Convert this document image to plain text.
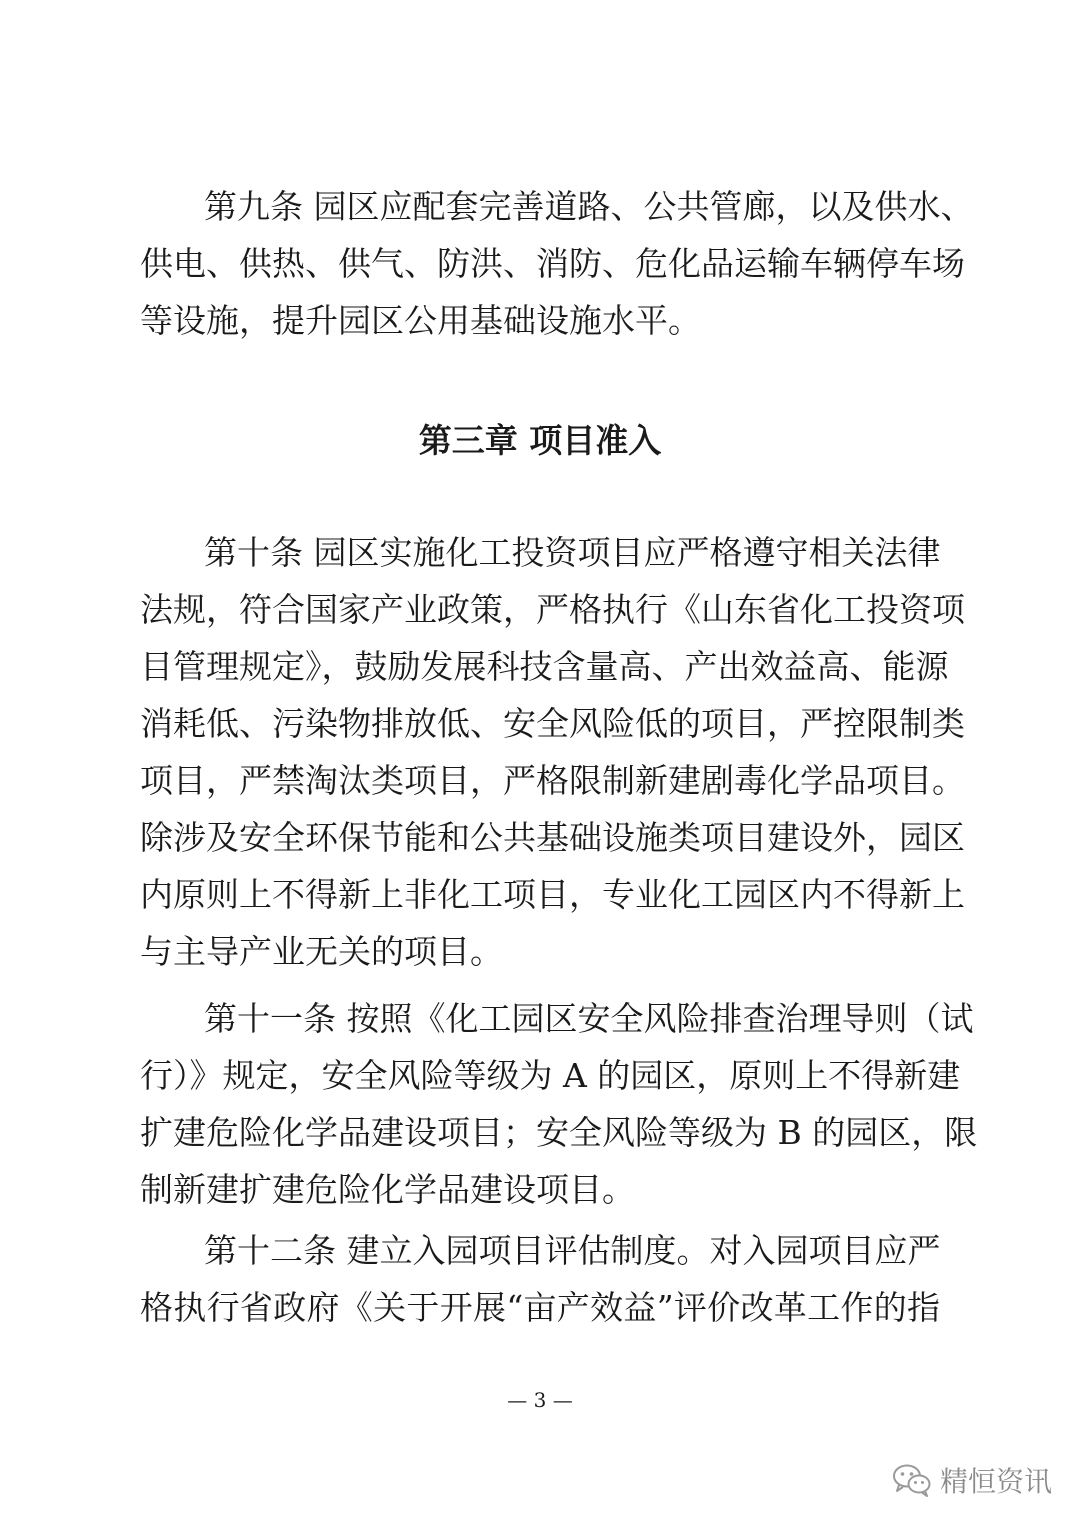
第九条 园区应配套完善道路、公共管廊，以及供水、
供电、供热、供气、防洪、消防、危化品运输车辆停车场
等设施，提升园区公用基础设施水平。
第三章 项目准入
第十条 园区实施化工投资项目应严格遵守相关法律
法规，符合国家产业政策，严格执行《山东省化工投资项
目管理规定》，鼓励发展科技含量高、产出效益高、能源
消耗低、污染物排放低、安全风险低的项目，严控限制类
项目，严禁淘汰类项目，严格限制新建剧毒化学品项目。
除涉及安全环保节能和公共基础设施类项目建设外，园区
内原则上不得新上非化工项目，专业化工园区内不得新上
与主导产业无关的项目。
第十一条 按照《化工园区安全风险排查治理导则（试
行）》规定，安全风险等级为 A 的园区，原则上不得新建
扩建危险化学品建设项目；安全风险等级为 B 的园区，限
制新建扩建危险化学品建设项目。
第十二条 建立入园项目评估制度。对入园项目应严
格执行省政府《关于开展“亩产效益”评价改革工作的指
— 3 —
精恒资讯
